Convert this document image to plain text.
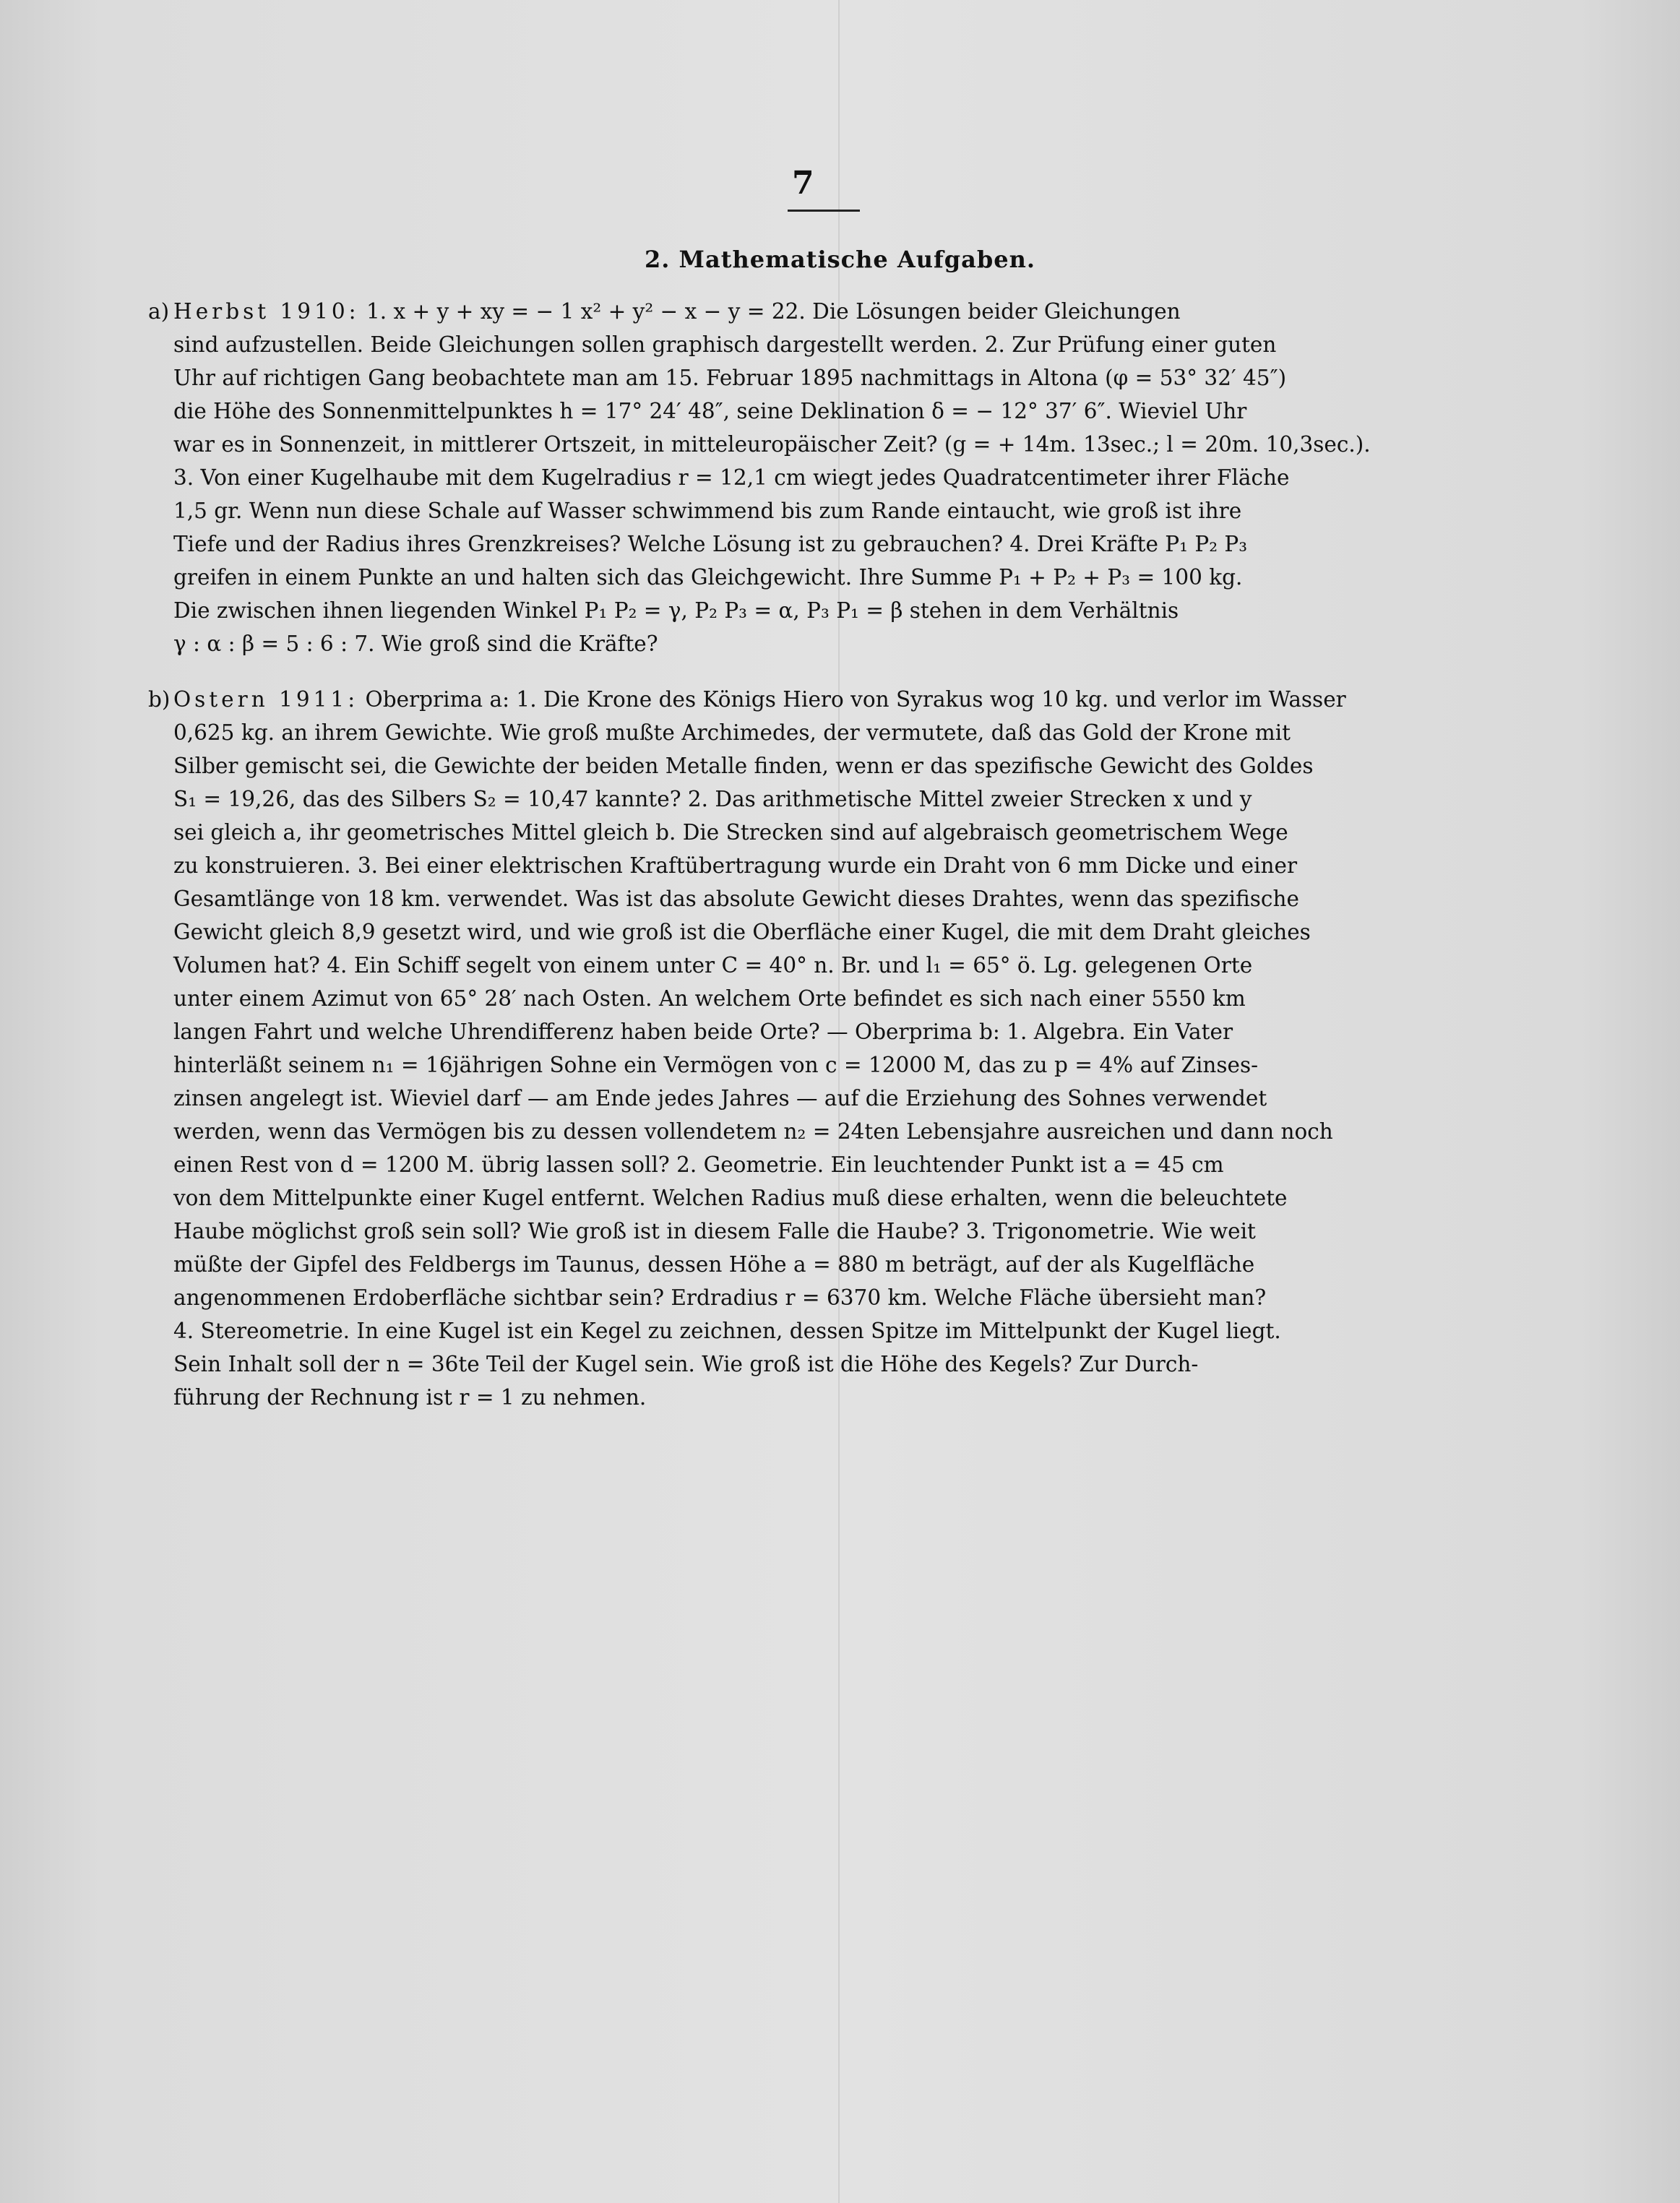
7
2. Mathematische Aufgaben.
a) Herbst 1910: 1. x + y + xy = − 1 x² + y² − x − y = 22. Die Lösungen beider Gleichungen
sind aufzustellen. Beide Gleichungen sollen graphisch dargestellt werden. 2. Zur Prüfung einer guten
Uhr auf richtigen Gang beobachtete man am 15. Februar 1895 nachmittags in Altona (φ = 53° 32′ 45″)
die Höhe des Sonnenmittelpunktes h = 17° 24′ 48″, seine Deklination δ = − 12° 37′ 6″. Wieviel Uhr
war es in Sonnenzeit, in mittlerer Ortszeit, in mitteleuropäischer Zeit? (g = + 14m. 13sec.; l = 20m. 10,3sec.).
3. Von einer Kugelhaube mit dem Kugelradius r = 12,1 cm wiegt jedes Quadratcentimeter ihrer Fläche
1,5 gr. Wenn nun diese Schale auf Wasser schwimmend bis zum Rande eintaucht, wie groß ist ihre
Tiefe und der Radius ihres Grenzkreises? Welche Lösung ist zu gebrauchen? 4. Drei Kräfte P₁ P₂ P₃
greifen in einem Punkte an und halten sich das Gleichgewicht. Ihre Summe P₁ + P₂ + P₃ = 100 kg.
Die zwischen ihnen liegenden Winkel P₁ P₂ = γ, P₂ P₃ = α, P₃ P₁ = β stehen in dem Verhältnis
γ : α : β = 5 : 6 : 7. Wie groß sind die Kräfte?
b) Ostern 1911: Oberprima a: 1. Die Krone des Königs Hiero von Syrakus wog 10 kg. und verlor im Wasser
0,625 kg. an ihrem Gewichte. Wie groß mußte Archimedes, der vermutete, daß das Gold der Krone mit
Silber gemischt sei, die Gewichte der beiden Metalle finden, wenn er das spezifische Gewicht des Goldes
S₁ = 19,26, das des Silbers S₂ = 10,47 kannte? 2. Das arithmetische Mittel zweier Strecken x und y
sei gleich a, ihr geometrisches Mittel gleich b. Die Strecken sind auf algebraisch geometrischem Wege
zu konstruieren. 3. Bei einer elektrischen Kraftübertragung wurde ein Draht von 6 mm Dicke und einer
Gesamtlänge von 18 km. verwendet. Was ist das absolute Gewicht dieses Drahtes, wenn das spezifische
Gewicht gleich 8,9 gesetzt wird, und wie groß ist die Oberfläche einer Kugel, die mit dem Draht gleiches
Volumen hat? 4. Ein Schiff segelt von einem unter C = 40° n. Br. und l₁ = 65° ö. Lg. gelegenen Orte
unter einem Azimut von 65° 28′ nach Osten. An welchem Orte befindet es sich nach einer 5550 km
langen Fahrt und welche Uhrendifferenz haben beide Orte? — Oberprima b: 1. Algebra. Ein Vater
hinterläßt seinem n₁ = 16jährigen Sohne ein Vermögen von c = 12000 M, das zu p = 4% auf Zinses-
zinsen angelegt ist. Wieviel darf — am Ende jedes Jahres — auf die Erziehung des Sohnes verwendet
werden, wenn das Vermögen bis zu dessen vollendetem n₂ = 24ten Lebensjahre ausreichen und dann noch
einen Rest von d = 1200 M. übrig lassen soll? 2. Geometrie. Ein leuchtender Punkt ist a = 45 cm
von dem Mittelpunkte einer Kugel entfernt. Welchen Radius muß diese erhalten, wenn die beleuchtete
Haube möglichst groß sein soll? Wie groß ist in diesem Falle die Haube? 3. Trigonometrie. Wie weit
müßte der Gipfel des Feldbergs im Taunus, dessen Höhe a = 880 m beträgt, auf der als Kugelfläche
angenommenen Erdoberfläche sichtbar sein? Erdradius r = 6370 km. Welche Fläche übersieht man?
4. Stereometrie. In eine Kugel ist ein Kegel zu zeichnen, dessen Spitze im Mittelpunkt der Kugel liegt.
Sein Inhalt soll der n = 36te Teil der Kugel sein. Wie groß ist die Höhe des Kegels? Zur Durch-
führung der Rechnung ist r = 1 zu nehmen.
